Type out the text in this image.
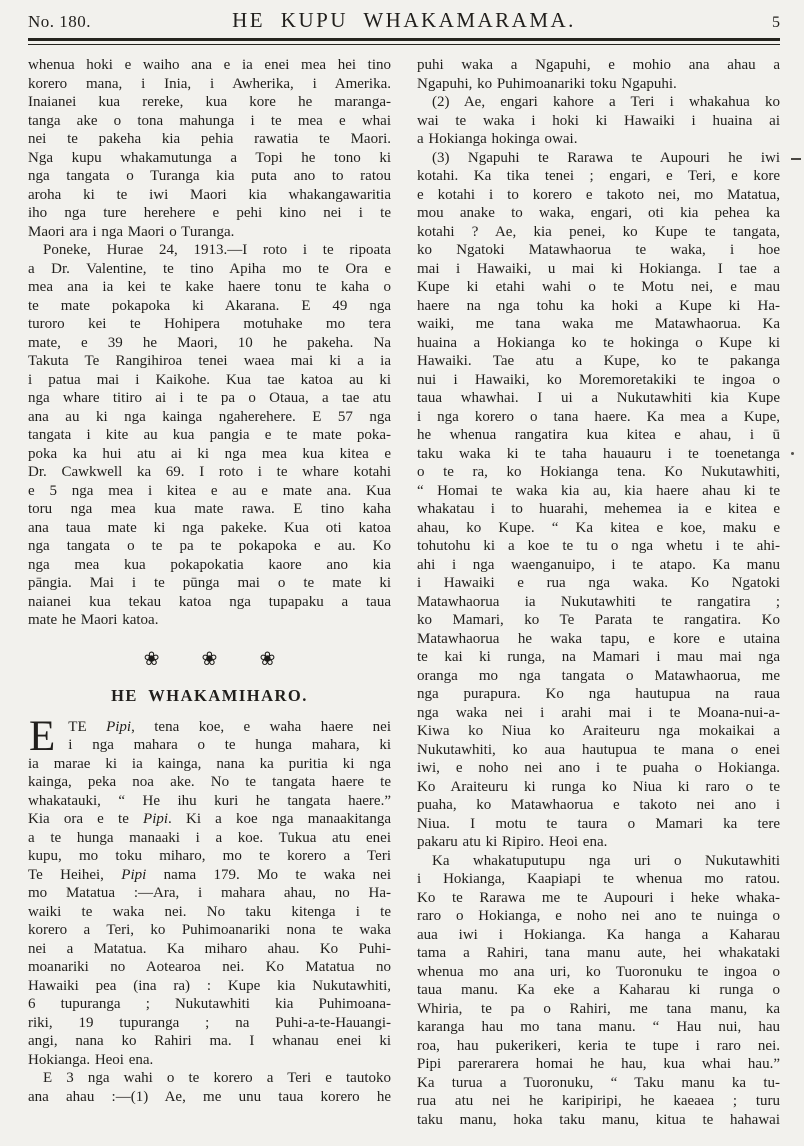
No. 180.	HE KUPU WHAKAMARAMA.	5
whenua hoki e waiho ana e ia enei mea hei tino
korero mana, i Inia, i Awherika, i Amerika.
Inaianei kua rereke, kua kore he maranga-
tanga ake o tona mahunga i te mea e whai
nei te pakeha kia pehia rawatia te Maori.
Nga kupu whakamutunga a Topi he tono ki
nga tangata o Turanga kia puta ano to ratou
aroha ki te iwi Maori kia whakangawaritia
iho nga ture herehere e pehi kino nei i te
Maori ara i nga Maori o Turanga.
Poneke, Hurae 24, 1913.—I roto i te ripoata
a Dr. Valentine, te tino Apiha mo te Ora e
mea ana ia kei te kake haere tonu te kaha o
te mate pokapoka ki Akarana. E 49 nga
turoro kei te Hohipera motuhake mo tera
mate, e 39 he Maori, 10 he pakeha. Na
Takuta Te Rangihiroa tenei waea mai ki a ia
i patua mai i Kaikohe. Kua tae katoa au ki
nga whare titiro ai i te pa o Otaua, a tae atu
ana au ki nga kainga ngaherehere. E 57 nga
tangata i kite au kua pangia e te mate poka-
poka ka hui atu ai ki nga mea kua kitea e
Dr. Cawkwell ka 69. I roto i te whare kotahi
e 5 nga mea i kitea e au e mate ana. Kua
toru nga mea kua mate rawa. E tino kaha
ana taua mate ki nga pakeke. Kua oti katoa
nga tangata o te pa te pokapoka e au. Ko
nga mea kua pokapokatia kaore ano kia
pāngia. Mai i te pūnga mai o te mate ki
naianei kua tekau katoa nga tupapaku a taua
mate he Maori katoa.
❀ ❀ ❀
HE WHAKAMIHARO.
E TE Pipi, tena koe, e waha haere nei
i nga mahara o te hunga mahara, ki
ia marae ki ia kainga, nana ka puritia ki nga
kainga, peka noa ake. No te tangata haere te
whakatauki, “ He ihu kuri he tangata haere.”
Kia ora e te Pipi. Ki a koe nga manaakitanga
a te hunga manaaki i a koe. Tukua atu enei
kupu, mo toku miharo, mo te korero a Teri
Te Heihei, Pipi nama 179. Mo te waka nei
mo Matatua :—Ara, i mahara ahau, no Ha-
waiki te waka nei. No taku kitenga i te
korero a Teri, ko Puhimoanariki nona te waka
nei a Matatua. Ka miharo ahau. Ko Puhi-
moanariki no Aotearoa nei. Ko Matatua no
Hawaiki pea (ina ra) : Kupe kia Nukutawhiti,
6 tupuranga ; Nukutawhiti kia Puhimoana-
riki, 19 tupuranga ; na Puhi-a-te-Hauangi-
angi, nana ko Rahiri ma. I whanau enei ki
Hokianga. Heoi ena.
E 3 nga wahi o te korero a Teri e tautoko
ana ahau :—(1) Ae, me unu taua korero he
puhi waka a Ngapuhi, e mohio ana ahau a
Ngapuhi, ko Puhimoanariki toku Ngapuhi.
(2) Ae, engari kahore a Teri i whakahua ko
wai te waka i hoki ki Hawaiki i huaina ai
a Hokianga hokinga owai.
(3) Ngapuhi te Rarawa te Aupouri he iwi
kotahi. Ka tika tenei ; engari, e Teri, e kore
e kotahi i to korero e takoto nei, mo Matatua,
mou anake to waka, engari, oti kia pehea ka
kotahi ? Ae, kia penei, ko Kupe te tangata,
ko Ngatoki Matawhaorua te waka, i hoe
mai i Hawaiki, u mai ki Hokianga. I tae a
Kupe ki etahi wahi o te Motu nei, e mau
haere na nga tohu ka hoki a Kupe ki Ha-
waiki, me tana waka me Matawhaorua. Ka
huaina a Hokianga ko te hokinga o Kupe ki
Hawaiki. Tae atu a Kupe, ko te pakanga
nui i Hawaiki, ko Moremoretakiki te ingoa o
taua whawhai. I ui a Nukutawhiti kia Kupe
i nga korero o tana haere. Ka mea a Kupe,
he whenua rangatira kua kitea e ahau, i ū
taku waka ki te taha hauauru i te toenetanga
o te ra, ko Hokianga tena. Ko Nukutawhiti,
“ Homai te waka kia au, kia haere ahau ki te
whakatau i to huarahi, mehemea ia e kitea e
ahau, ko Kupe. “ Ka kitea e koe, maku e
tohutohu ki a koe te tu o nga whetu i te ahi-
ahi i nga waenganuipo, i te atapo. Ka manu
i Hawaiki e rua nga waka. Ko Ngatoki
Matawhaorua ia Nukutawhiti te rangatira ;
ko Mamari, ko Te Parata te rangatira. Ko
Matawhaorua he waka tapu, e kore e utaina
te kai ki runga, na Mamari i mau mai nga
oranga mo nga tangata o Matawhaorua, me
nga purapura. Ko nga hautupua na raua
nga waka nei i arahi mai i te Moana-nui-a-
Kiwa ko Niua ko Araiteuru nga mokaikai a
Nukutawhiti, ko aua hautupua te mana o enei
iwi, e noho nei ano i te puaha o Hokianga.
Ko Araiteuru ki runga ko Niua ki raro o te
puaha, ko Matawhaorua e takoto nei ano i
Niua. I motu te taura o Mamari ka tere
pakaru atu ki Ripiro. Heoi ena.
Ka whakatuputupu nga uri o Nukutawhiti
i Hokianga, Kaapiapi te whenua mo ratou.
Ko te Rarawa me te Aupouri i heke whaka-
raro o Hokianga, e noho nei ano te nuinga o
aua iwi i Hokianga. Ka hanga a Kaharau
tama a Rahiri, tana manu aute, hei whakataki
whenua mo ana uri, ko Tuoronuku te ingoa o
taua manu. Ka eke a Kaharau ki runga o
Whiria, te pa o Rahiri, me tana manu, ka
karanga hau mo tana manu. “ Hau nui, hau
roa, hau pukerikeri, keria te tupe i raro nei.
Pipi parerarera homai he hau, kua whai hau.”
Ka turua a Tuoronuku, “ Taku manu ka tu-
rua atu nei he karipiripi, he kaeaea ; turu
taku manu, hoka taku manu, kitua te hahawai
